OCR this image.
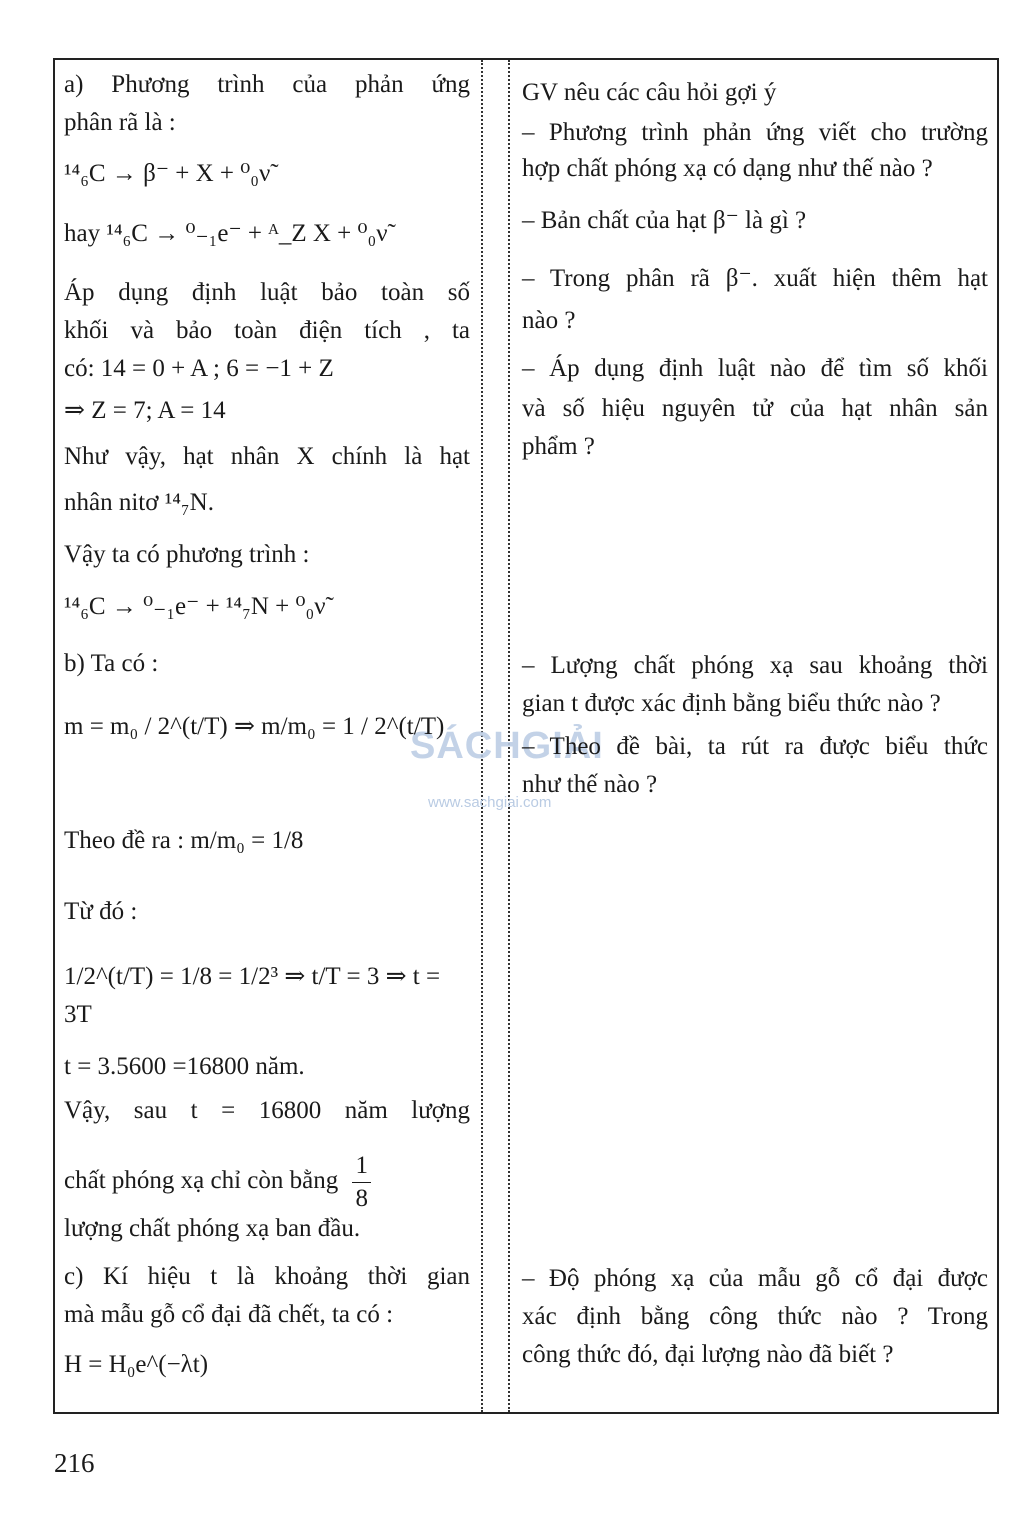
SÁCHGIẢI
www.sachgiai.com
a) Phương trình của phản ứng
phân rã là :
¹⁴₆C → β⁻ + X + ⁰₀ν̃
hay ¹⁴₆C → ⁰₋₁e⁻ + ᴬ_Z X + ⁰₀ν̃
Áp dụng định luật bảo toàn số
khối và bảo toàn điện tích , ta
có: 14 = 0 + A ; 6 = −1 + Z
⇒ Z = 7; A = 14
Như vậy, hạt nhân X chính là hạt
nhân nitơ ¹⁴₇N.
Vậy ta có phương trình :
¹⁴₆C → ⁰₋₁e⁻ + ¹⁴₇N + ⁰₀ν̃
b) Ta có :
m = m₀ / 2^(t/T) ⇒ m/m₀ = 1 / 2^(t/T)
Theo đề ra : m/m₀ = 1/8
Từ đó :
1/2^(t/T) = 1/8 = 1/2³ ⇒ t/T = 3 ⇒ t = 3T
t = 3.5600 =16800 năm.
Vậy, sau t = 16800 năm lượng
chất phóng xạ chỉ còn bằng $\frac{1}{8}$
lượng chất phóng xạ ban đầu.
c) Kí hiệu t là khoảng thời gian
mà mẫu gỗ cổ đại đã chết, ta có :
H = H₀e^(−λt)
GV nêu các câu hỏi gợi ý
– Phương trình phản ứng viết cho trường
hợp chất phóng xạ có dạng như thế nào ?
– Bản chất của hạt β⁻ là gì ?
– Trong phân rã β⁻. xuất hiện thêm hạt
nào ?
– Áp dụng định luật nào để tìm số khối
và số hiệu nguyên tử của hạt nhân sản
phẩm ?
– Lượng chất phóng xạ sau khoảng thời
gian t được xác định bằng biểu thức nào ?
– Theo đề bài, ta rút ra được biểu thức
như thế nào ?
– Độ phóng xạ của mẫu gỗ cổ đại được
xác định bằng công thức nào ? Trong
công thức đó, đại lượng nào đã biết ?
216
